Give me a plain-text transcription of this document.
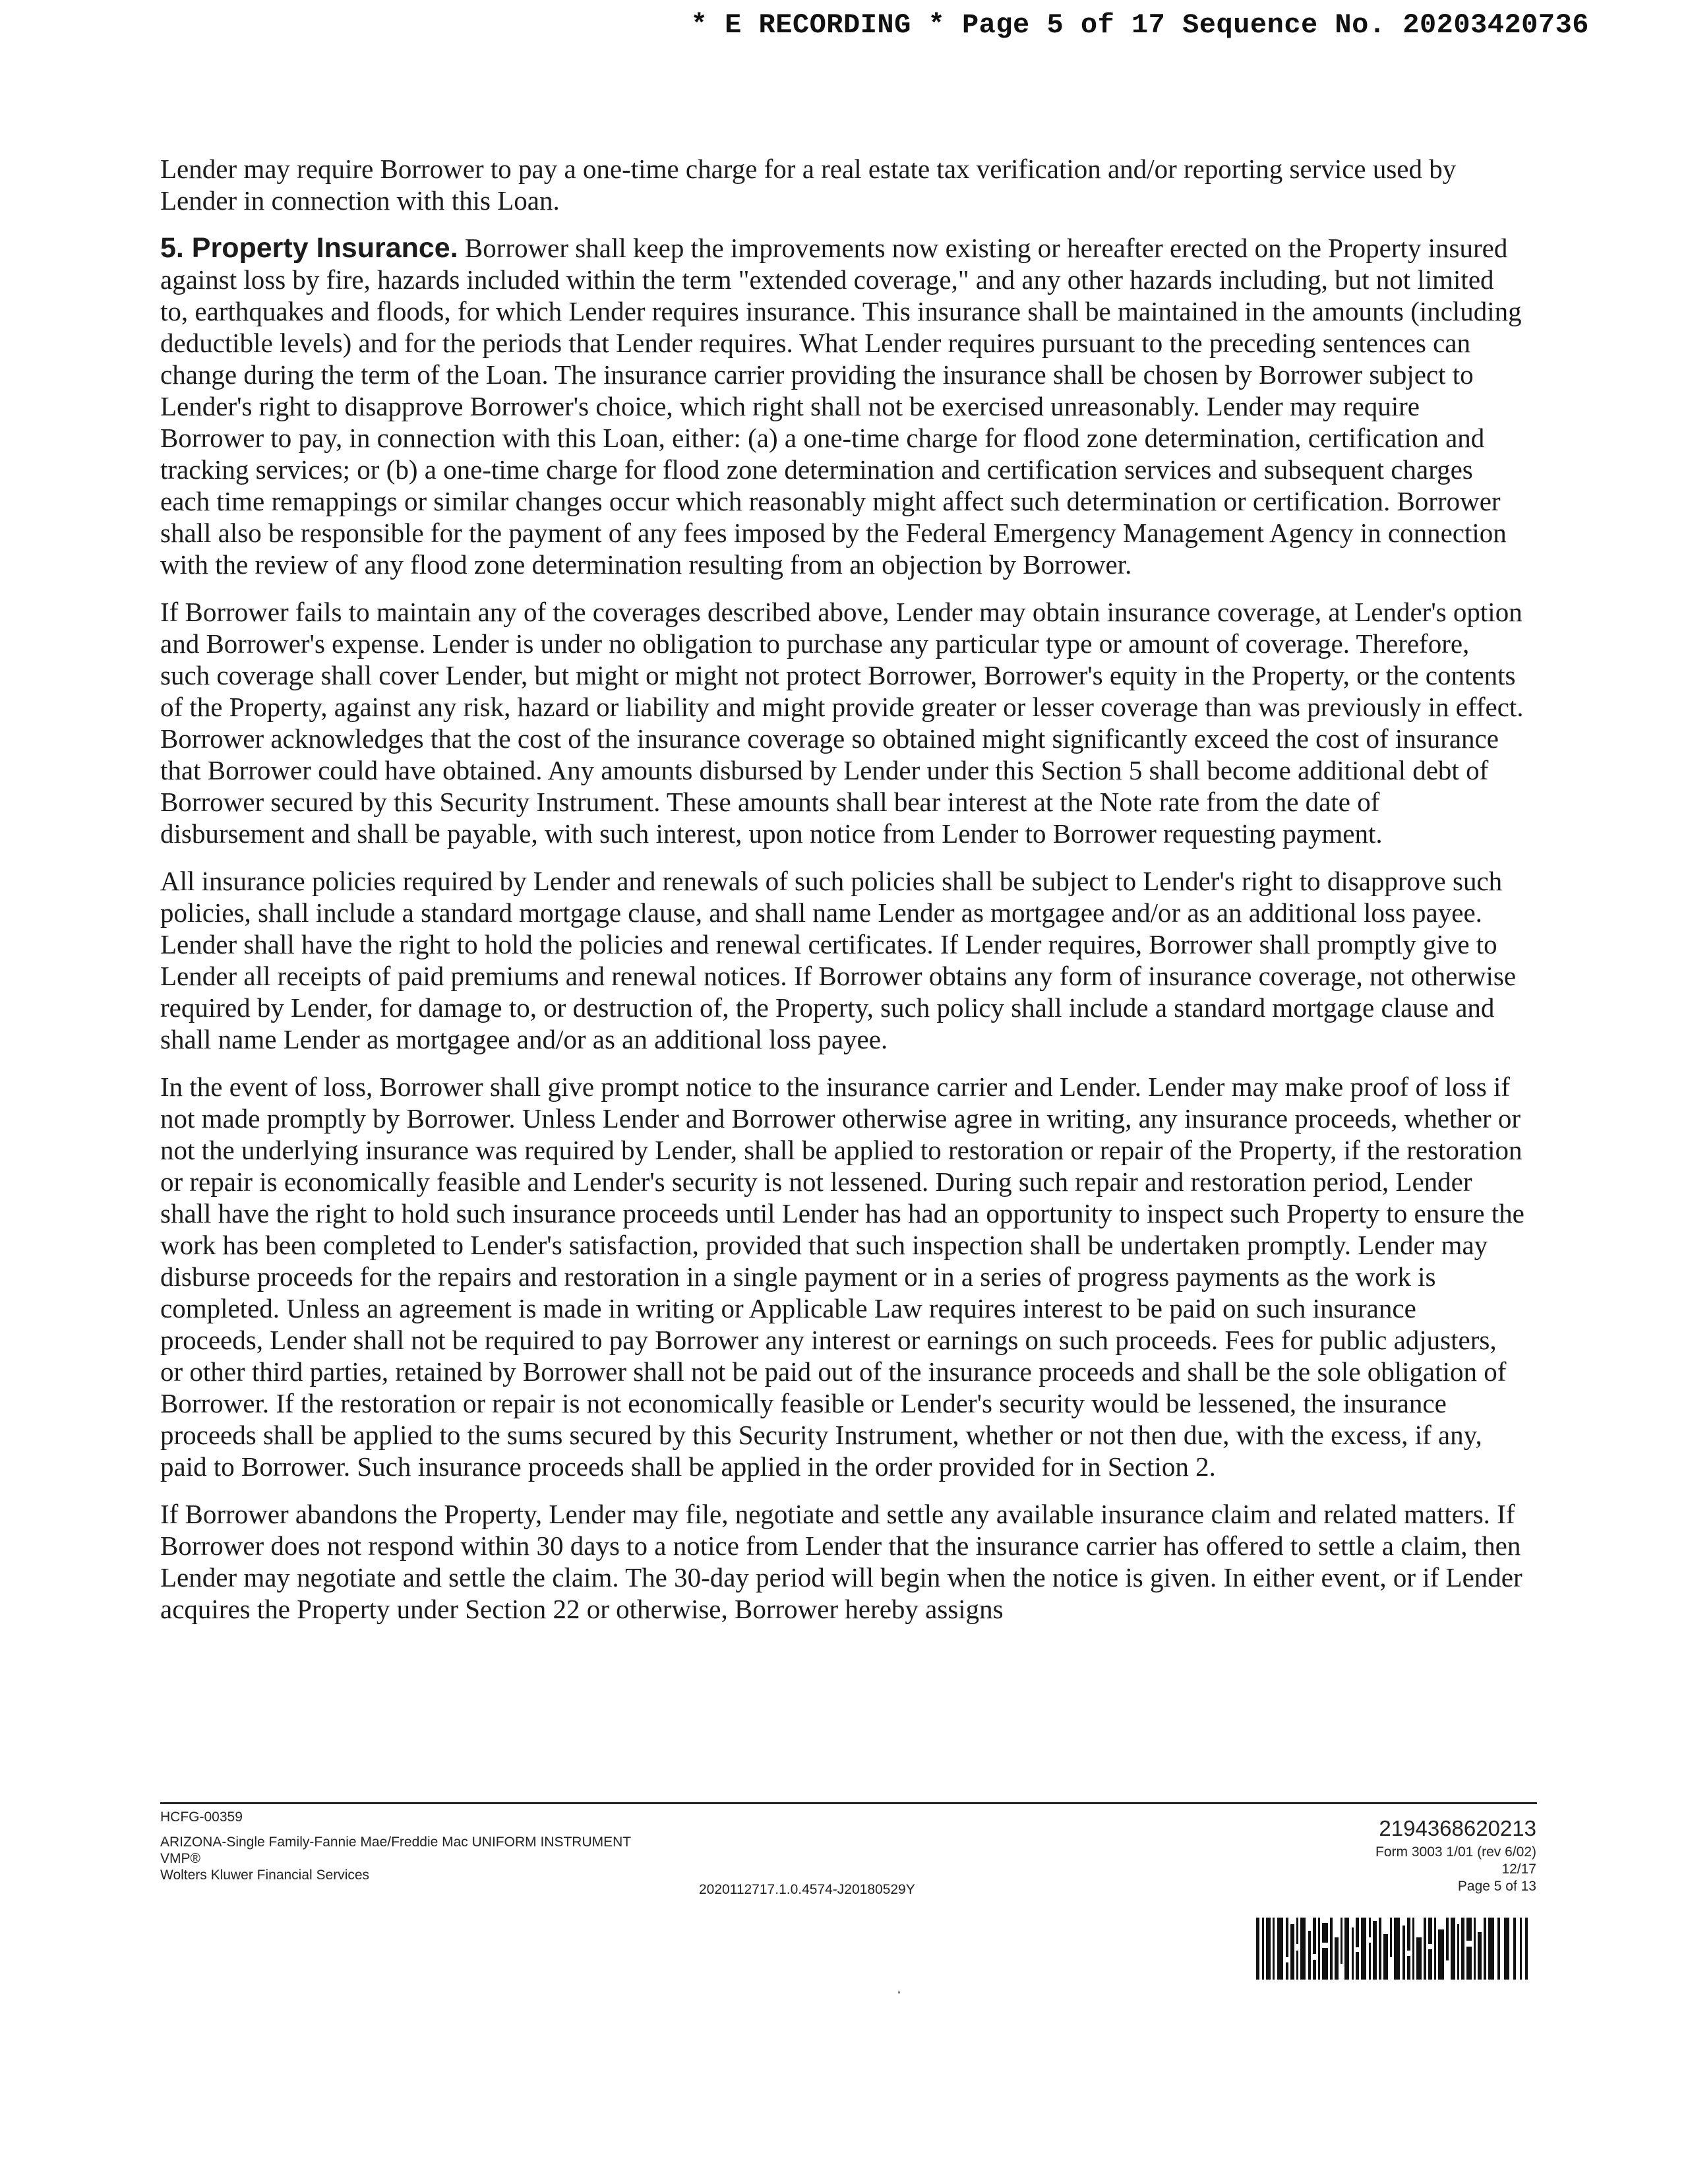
* E RECORDING * Page 5 of 17 Sequence No. 20203420736

Lender may require Borrower to pay a one-time charge for a real estate tax verification and/or reporting service used by Lender in connection with this Loan.

5. Property Insurance. Borrower shall keep the improvements now existing or hereafter erected on the Property insured against loss by fire, hazards included within the term "extended coverage," and any other hazards including, but not limited to, earthquakes and floods, for which Lender requires insurance. This insurance shall be maintained in the amounts (including deductible levels) and for the periods that Lender requires. What Lender requires pursuant to the preceding sentences can change during the term of the Loan. The insurance carrier providing the insurance shall be chosen by Borrower subject to Lender's right to disapprove Borrower's choice, which right shall not be exercised unreasonably. Lender may require Borrower to pay, in connection with this Loan, either: (a) a one-time charge for flood zone determination, certification and tracking services; or (b) a one-time charge for flood zone determination and certification services and subsequent charges each time remappings or similar changes occur which reasonably might affect such determination or certification. Borrower shall also be responsible for the payment of any fees imposed by the Federal Emergency Management Agency in connection with the review of any flood zone determination resulting from an objection by Borrower.

If Borrower fails to maintain any of the coverages described above, Lender may obtain insurance coverage, at Lender's option and Borrower's expense. Lender is under no obligation to purchase any particular type or amount of coverage. Therefore, such coverage shall cover Lender, but might or might not protect Borrower, Borrower's equity in the Property, or the contents of the Property, against any risk, hazard or liability and might provide greater or lesser coverage than was previously in effect. Borrower acknowledges that the cost of the insurance coverage so obtained might significantly exceed the cost of insurance that Borrower could have obtained. Any amounts disbursed by Lender under this Section 5 shall become additional debt of Borrower secured by this Security Instrument. These amounts shall bear interest at the Note rate from the date of disbursement and shall be payable, with such interest, upon notice from Lender to Borrower requesting payment.

All insurance policies required by Lender and renewals of such policies shall be subject to Lender's right to disapprove such policies, shall include a standard mortgage clause, and shall name Lender as mortgagee and/or as an additional loss payee. Lender shall have the right to hold the policies and renewal certificates. If Lender requires, Borrower shall promptly give to Lender all receipts of paid premiums and renewal notices. If Borrower obtains any form of insurance coverage, not otherwise required by Lender, for damage to, or destruction of, the Property, such policy shall include a standard mortgage clause and shall name Lender as mortgagee and/or as an additional loss payee.

In the event of loss, Borrower shall give prompt notice to the insurance carrier and Lender. Lender may make proof of loss if not made promptly by Borrower. Unless Lender and Borrower otherwise agree in writing, any insurance proceeds, whether or not the underlying insurance was required by Lender, shall be applied to restoration or repair of the Property, if the restoration or repair is economically feasible and Lender's security is not lessened. During such repair and restoration period, Lender shall have the right to hold such insurance proceeds until Lender has had an opportunity to inspect such Property to ensure the work has been completed to Lender's satisfaction, provided that such inspection shall be undertaken promptly. Lender may disburse proceeds for the repairs and restoration in a single payment or in a series of progress payments as the work is completed. Unless an agreement is made in writing or Applicable Law requires interest to be paid on such insurance proceeds, Lender shall not be required to pay Borrower any interest or earnings on such proceeds. Fees for public adjusters, or other third parties, retained by Borrower shall not be paid out of the insurance proceeds and shall be the sole obligation of Borrower. If the restoration or repair is not economically feasible or Lender's security would be lessened, the insurance proceeds shall be applied to the sums secured by this Security Instrument, whether or not then due, with the excess, if any, paid to Borrower. Such insurance proceeds shall be applied in the order provided for in Section 2.

If Borrower abandons the Property, Lender may file, negotiate and settle any available insurance claim and related matters. If Borrower does not respond within 30 days to a notice from Lender that the insurance carrier has offered to settle a claim, then Lender may negotiate and settle the claim. The 30-day period will begin when the notice is given. In either event, or if Lender acquires the Property under Section 22 or otherwise, Borrower hereby assigns

HCFG-00359
ARIZONA-Single Family-Fannie Mae/Freddie Mac UNIFORM INSTRUMENT
VMP®
Wolters Kluwer Financial Services
2020112717.1.0.4574-J20180529Y
2194368620213
Form 3003 1/01 (rev 6/02)
12/17
Page 5 of 13
